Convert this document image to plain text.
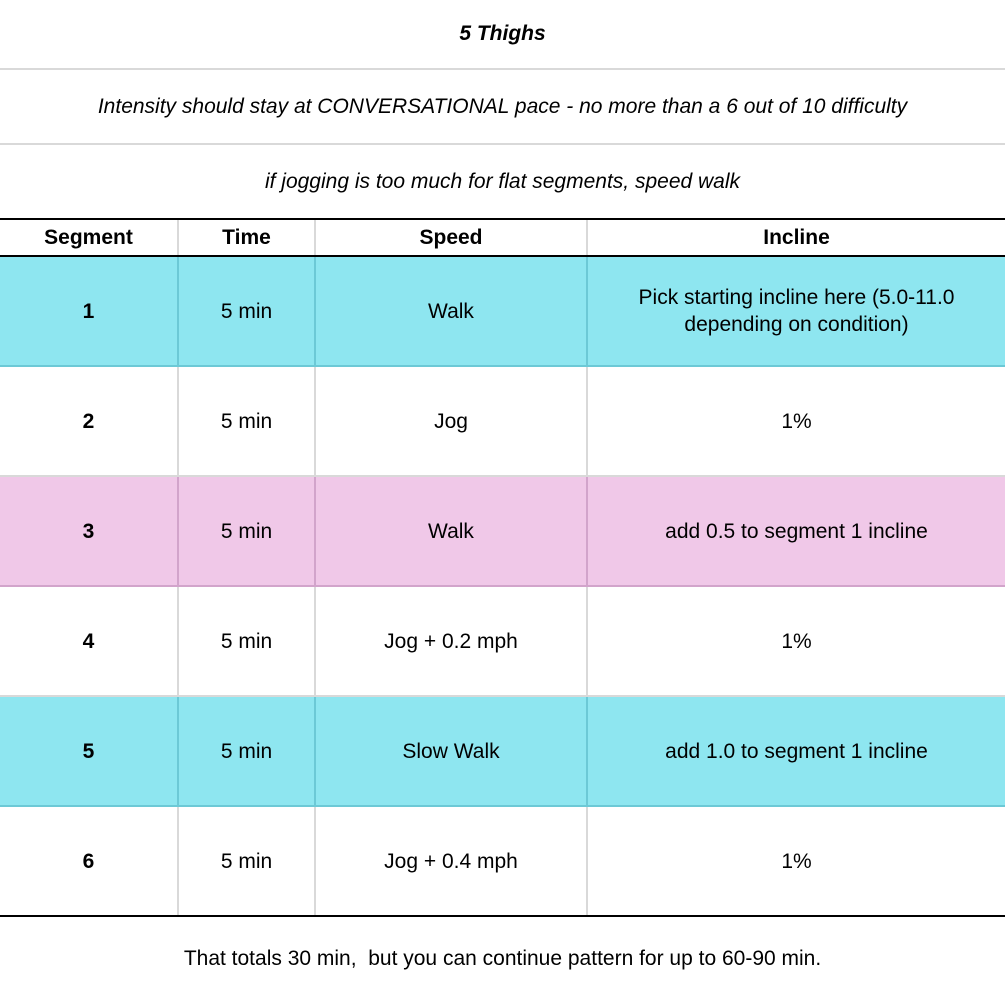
5 Thighs
Intensity should stay at CONVERSATIONAL pace - no more than a 6 out of 10 difficulty
if jogging is too much for flat segments, speed walk
Segment	Time	Speed	Incline
1	5 min	Walk	Pick starting incline here (5.0-11.0 depending on condition)
2	5 min	Jog	1%
3	5 min	Walk	add 0.5 to segment 1 incline
4	5 min	Jog + 0.2 mph	1%
5	5 min	Slow Walk	add 1.0 to segment 1 incline
6	5 min	Jog + 0.4 mph	1%
That totals 30 min,  but you can continue pattern for up to 60-90 min.
